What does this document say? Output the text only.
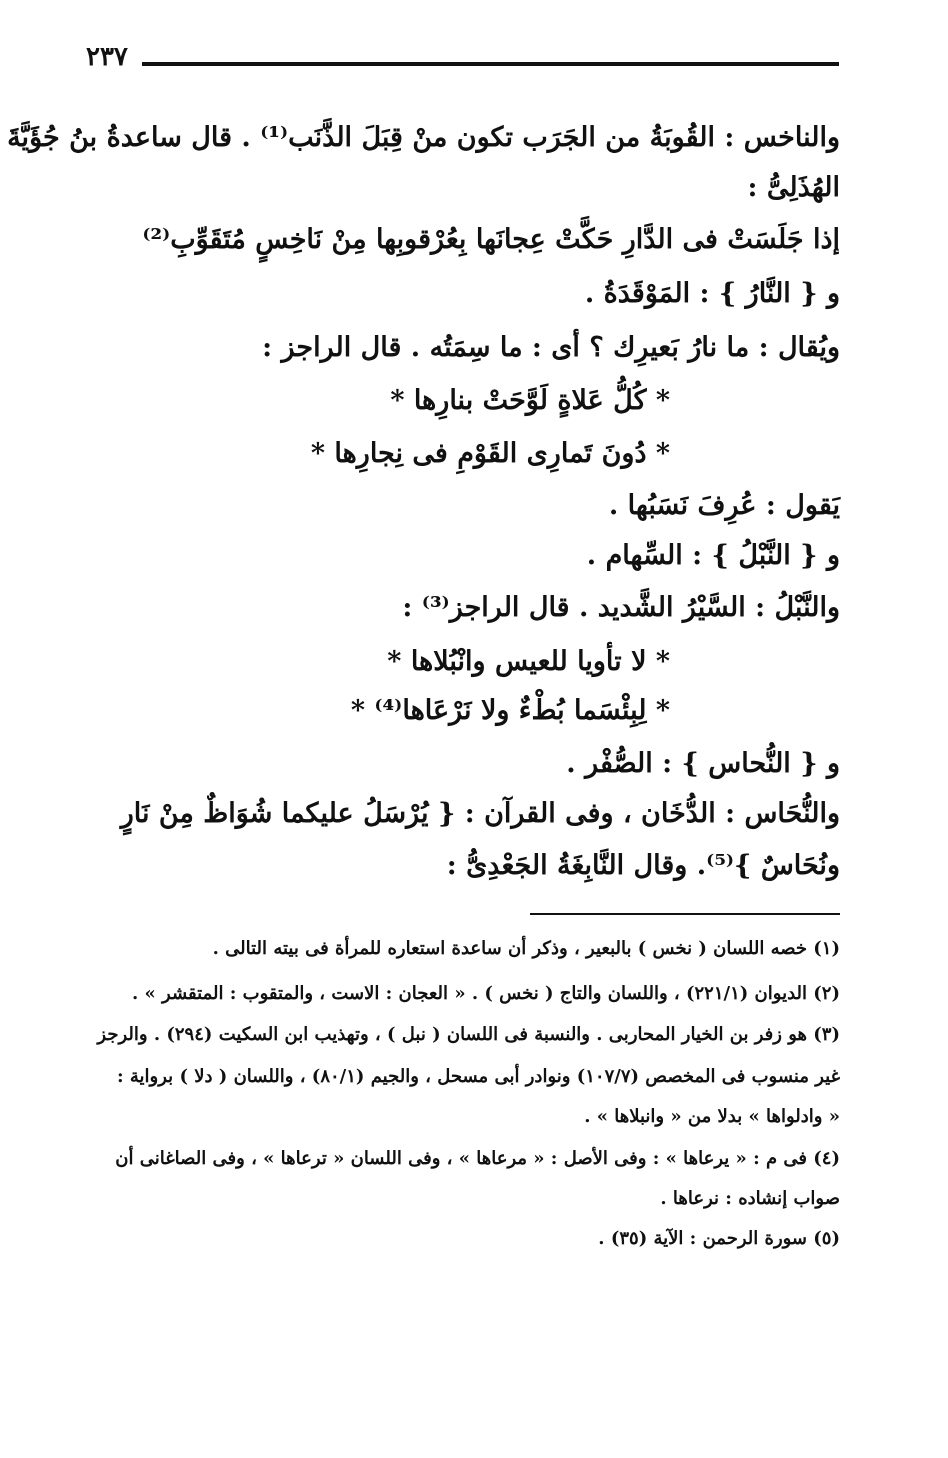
٢٣٧
والناخس : القُوبَةُ من الجَرَب تكون منْ قِبَلَ الذَّنَب⁽¹⁾ . قال ساعدةُ بنُ جُؤَيَّةَ
الهُذَلِىُّ :
إذا جَلَسَتْ فى الدَّارِ حَكَّتْ عِجانَها بِعُرْقوبِها مِنْ نَاخِسٍ مُتَقَوِّبِ⁽²⁾
و { النَّارُ } : المَوْقَدَةُ .
ويُقال : ما نارُ بَعيرِك ؟ أى : ما سِمَتُه . قال الراجز :
* كُلُّ عَلاةٍ لَوَّحَتْ بنارِها *
* دُونَ تَمارِى القَوْمِ فى نِجارِها *
يَقول : عُرِفَ نَسَبُها .
و { النَّبْلُ } : السِّهام .
والنَّبْلُ : السَّيْرُ الشَّديد . قال الراجز⁽³⁾ :
* لا تأويا للعيس وانْبُلاها *
* لِبِئْسَما بُطْءٌ ولا نَرْعَاها⁽⁴⁾ *
و { النُّحاس } : الصُّفْر .
والنُّحَاس : الدُّخَان ، وفى القرآن : { يُرْسَلُ عليكما شُوَاظٌ مِنْ نَارٍ
ونُحَاسٌ }⁽⁵⁾. وقال النَّابِغَةُ الجَعْدِىُّ :
(١) خصه اللسان ( نخس ) بالبعير ، وذكر أن ساعدة استعاره للمرأة فى بيته التالى .
(٢) الديوان (٢٢١/١) ، واللسان والتاج ( نخس ) . « العجان : الاست ، والمتقوب : المتقشر » .
(٣) هو زفر بن الخيار المحاربى . والنسبة فى اللسان ( نبل ) ، وتهذيب ابن السكيت (٢٩٤) . والرجز
غير منسوب فى المخصص (١٠٧/٧) ونوادر أبى مسحل ، والجيم (٨٠/١) ، واللسان ( دلا ) برواية :
« وادلواها » بدلا من « وانبلاها » .
(٤) فى م : « يرعاها » : وفى الأصل : « مرعاها » ، وفى اللسان « ترعاها » ، وفى الصاغانى أن
صواب إنشاده : نرعاها .
(٥) سورة الرحمن : الآية (٣٥) .
